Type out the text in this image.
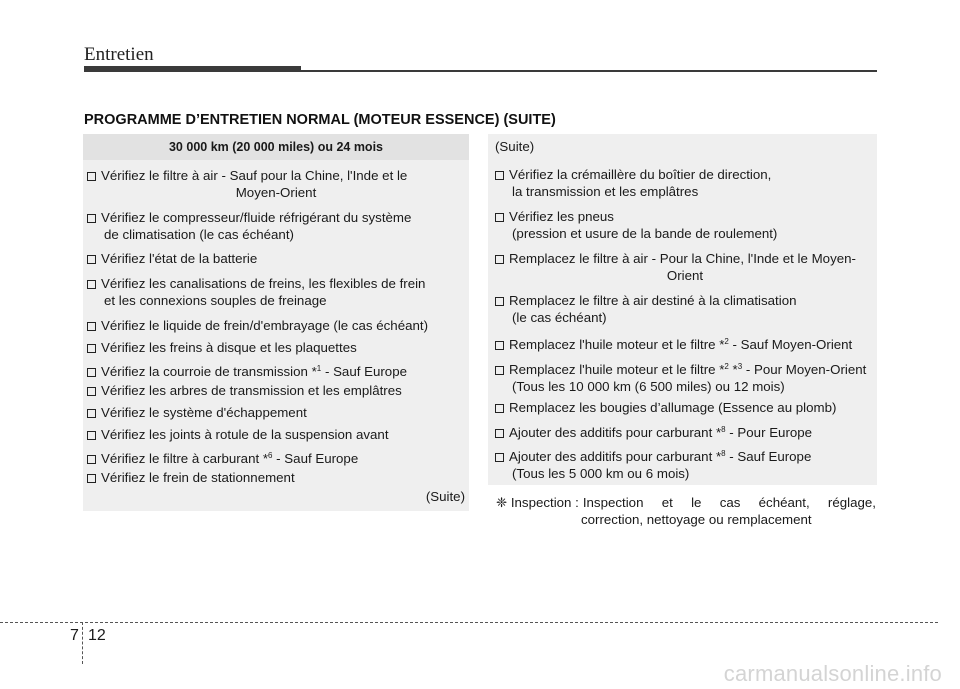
Entretien
PROGRAMME D’ENTRETIEN NORMAL (MOTEUR ESSENCE) (SUITE)
30 000 km (20 000 miles) ou 24 mois
Vérifiez le filtre à air - Sauf pour la Chine, l'Inde et le
Moyen-Orient
Vérifiez le compresseur/fluide réfrigérant du système
de climatisation (le cas échéant)
Vérifiez l'état de la batterie
Vérifiez les canalisations de freins, les flexibles de frein
et les connexions souples de freinage
Vérifiez le liquide de frein/d'embrayage (le cas échéant)
Vérifiez les freins à disque et les plaquettes
Vérifiez la courroie de transmission *$^1$ - Sauf Europe
Vérifiez les arbres de transmission et les emplâtres
Vérifiez le système d'échappement
Vérifiez les joints à rotule de la suspension avant
Vérifiez le filtre à carburant *$^6$ - Sauf Europe
Vérifiez le frein de stationnement
(Suite)
(Suite)
Vérifiez la crémaillère du boîtier de direction,
la transmission et les emplâtres
Vérifiez les pneus
(pression et usure de la bande de roulement)
Remplacez le filtre à air - Pour la Chine, l'Inde et le Moyen-
Orient
Remplacez le filtre à air destiné à la climatisation
(le cas échéant)
Remplacez l'huile moteur et le filtre *$^2$ - Sauf Moyen-Orient
Remplacez l'huile moteur et le filtre *$^2$ *$^3$ - Pour Moyen-Orient
(Tous les 10 000 km (6 500 miles) ou 12 mois)
Remplacez les bougies d’allumage (Essence au plomb)
Ajouter des additifs pour carburant *$^8$ - Pour Europe
Ajouter des additifs pour carburant *$^8$ - Sauf Europe
(Tous les 5 000 km ou 6 mois)
❈ Inspection : Inspection et le cas échéant, réglage,
correction, nettoyage ou remplacement
7 12
carmanualsonline.info
